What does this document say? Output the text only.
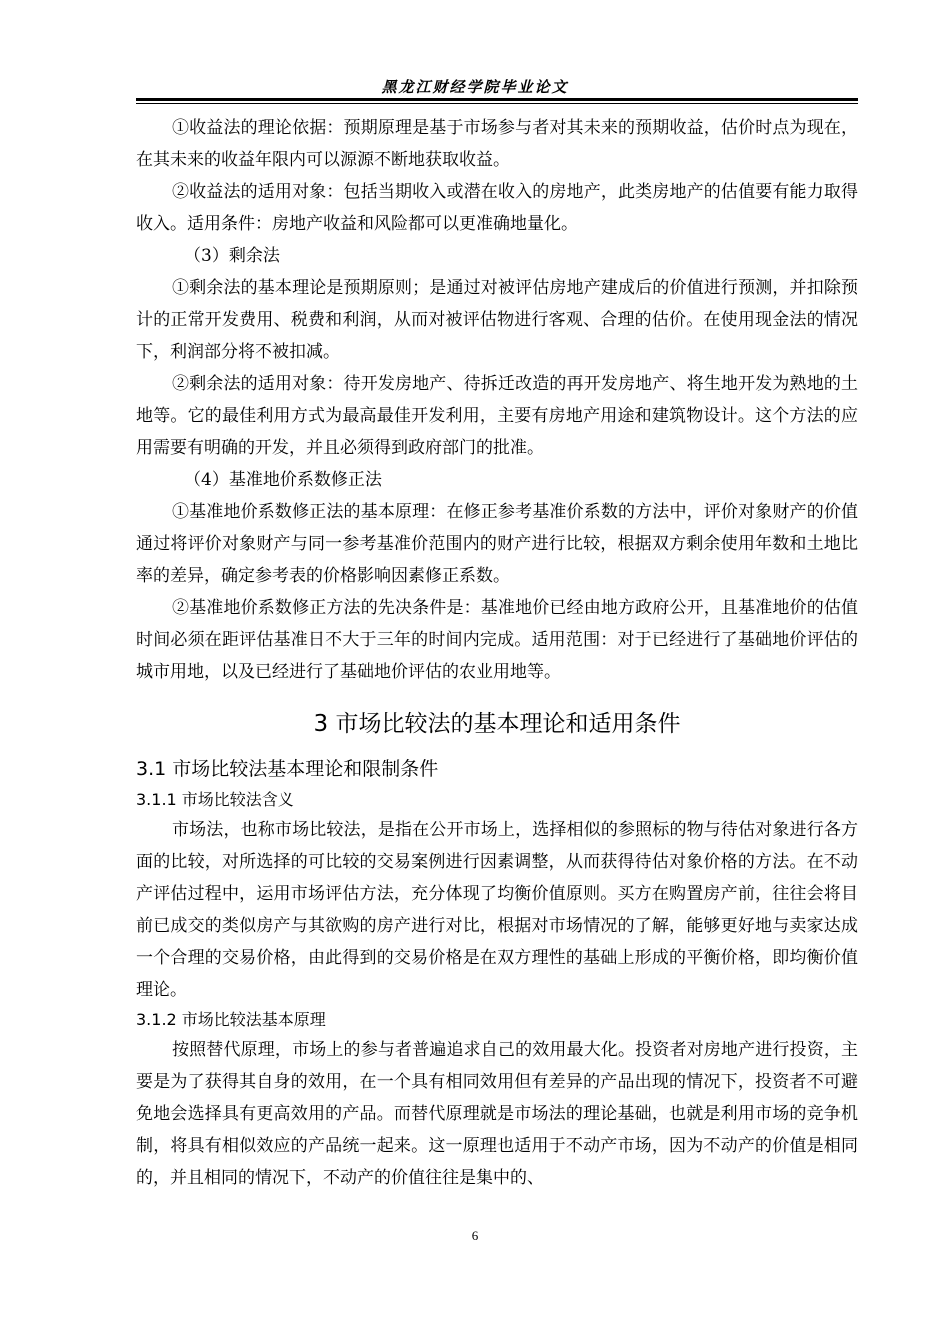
黑龙江财经学院毕业论文

①收益法的理论依据：预期原理是基于市场参与者对其未来的预期收益，估价时点为现在，在其未来的收益年限内可以源源不断地获取收益。

②收益法的适用对象：包括当期收入或潜在收入的房地产，此类房地产的估值要有能力取得收入。适用条件：房地产收益和风险都可以更准确地量化。

（3）剩余法

①剩余法的基本理论是预期原则；是通过对被评估房地产建成后的价值进行预测，并扣除预计的正常开发费用、税费和利润，从而对被评估物进行客观、合理的估价。在使用现金法的情况下，利润部分将不被扣减。

②剩余法的适用对象：待开发房地产、待拆迁改造的再开发房地产、将生地开发为熟地的土地等。它的最佳利用方式为最高最佳开发利用，主要有房地产用途和建筑物设计。这个方法的应用需要有明确的开发，并且必须得到政府部门的批准。

（4）基准地价系数修正法

①基准地价系数修正法的基本原理：在修正参考基准价系数的方法中，评价对象财产的价值通过将评价对象财产与同一参考基准价范围内的财产进行比较，根据双方剩余使用年数和土地比率的差异，确定参考表的价格影响因素修正系数。

②基准地价系数修正方法的先决条件是：基准地价已经由地方政府公开，且基准地价的估值时间必须在距评估基准日不大于三年的时间内完成。适用范围：对于已经进行了基础地价评估的城市用地，以及已经进行了基础地价评估的农业用地等。

3 市场比较法的基本理论和适用条件
3.1 市场比较法基本理论和限制条件
3.1.1 市场比较法含义

市场法，也称市场比较法，是指在公开市场上，选择相似的参照标的物与待估对象进行各方面的比较，对所选择的可比较的交易案例进行因素调整，从而获得待估对象价格的方法。在不动产评估过程中，运用市场评估方法，充分体现了均衡价值原则。买方在购置房产前，往往会将目前已成交的类似房产与其欲购的房产进行对比，根据对市场情况的了解，能够更好地与卖家达成一个合理的交易价格，由此得到的交易价格是在双方理性的基础上形成的平衡价格，即均衡价值理论。

3.1.2 市场比较法基本原理

按照替代原理，市场上的参与者普遍追求自己的效用最大化。投资者对房地产进行投资，主要是为了获得其自身的效用，在一个具有相同效用但有差异的产品出现的情况下，投资者不可避免地会选择具有更高效用的产品。而替代原理就是市场法的理论基础，也就是利用市场的竞争机制，将具有相似效应的产品统一起来。这一原理也适用于不动产市场，因为不动产的价值是相同的，并且相同的情况下，不动产的价值往往是集中的、

6
